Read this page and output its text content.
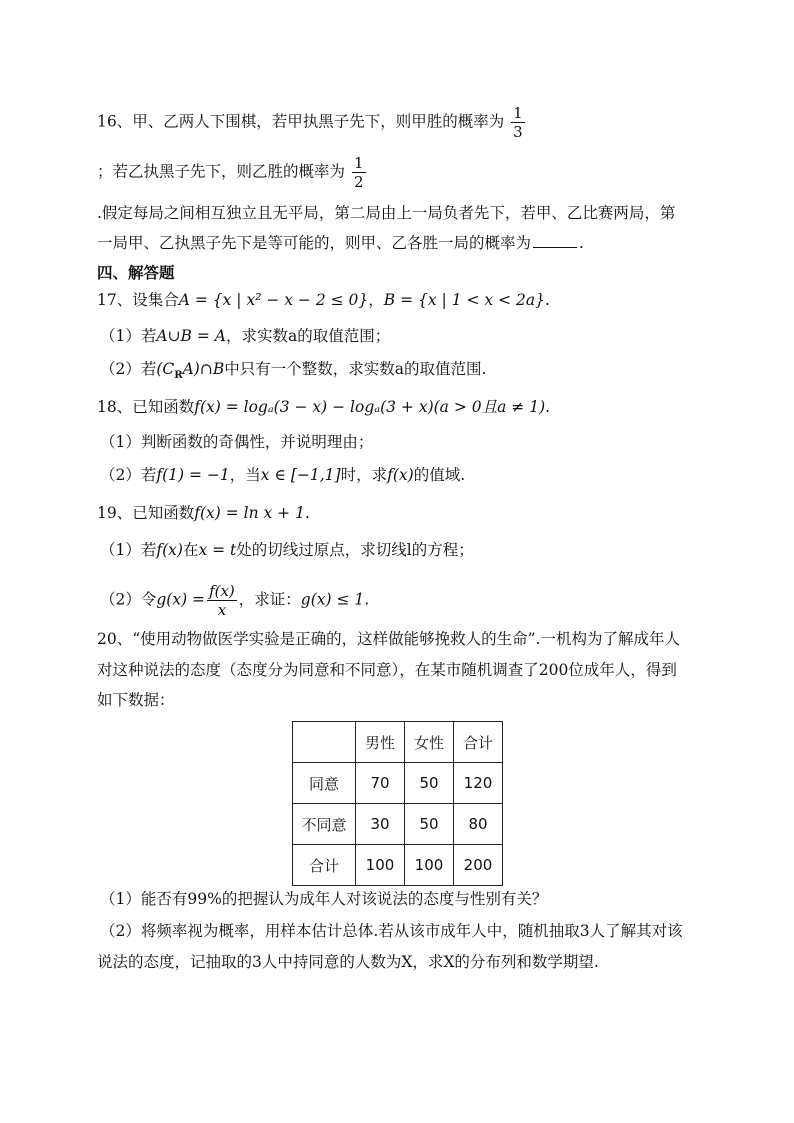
16、甲、乙两人下围棋，若甲执黑子先下，则甲胜的概率为 $\frac{1}{3}$
；若乙执黑子先下，则乙胜的概率为 $\frac{1}{2}$
.假定每局之间相互独立且无平局，第二局由上一局负者先下，若甲、乙比赛两局，第
一局甲、乙执黑子先下是等可能的，则甲、乙各胜一局的概率为	.
四、解答题
17、设集合A = {x | x² − x − 2 ≤ 0}，B = {x | 1 < x < 2a}.
（1）若A∪B = A，求实数a的取值范围；
（2）若$(C_RA)\cap B$中只有一个整数，求实数a的取值范围.
18、已知函数f(x) = logₐ(3 − x) − logₐ(3 + x)(a > 0且a ≠ 1).
（1）判断函数的奇偶性，并说明理由；
（2）若f(1) = −1，当x ∈ [−1,1]时，求f(x)的值域.
19、已知函数f(x) = ln x + 1.
（1）若f(x)在x = t处的切线过原点，求切线l的方程；
（2）令$g(x) = \frac{f(x)}{x}$ ，求证：g(x) ≤ 1.
20、“使用动物做医学实验是正确的，这样做能够挽救人的生命”.一机构为了解成年人
对这种说法的态度（态度分为同意和不同意），在某市随机调查了200位成年人，得到
如下数据：
	男性	女性	合计
同意	70	50	120
不同意	30	50	80
合计	100	100	200
（1）能否有99%的把握认为成年人对该说法的态度与性别有关？
（2）将频率视为概率，用样本估计总体.若从该市成年人中，随机抽取3人了解其对该
说法的态度，记抽取的3人中持同意的人数为X，求X的分布列和数学期望.
